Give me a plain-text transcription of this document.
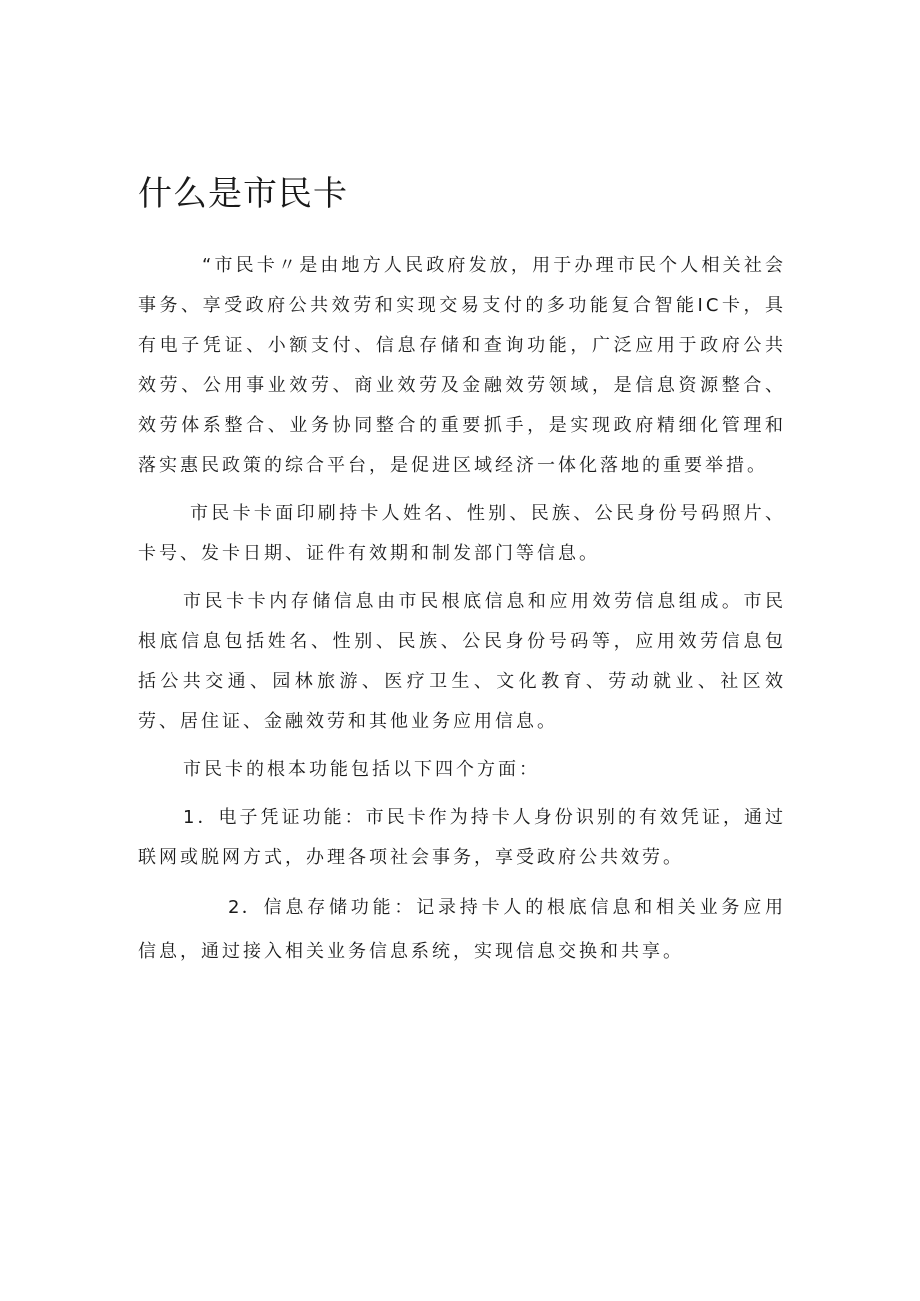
什么是市民卡

“市民卡〃是由地方人民政府发放，用于办理市民个人相关社会事务、享受政府公共效劳和实现交易支付的多功能复合智能IC卡，具有电子凭证、小额支付、信息存储和查询功能，广泛应用于政府公共效劳、公用事业效劳、商业效劳及金融效劳领域，是信息资源整合、效劳体系整合、业务协同整合的重要抓手，是实现政府精细化管理和落实惠民政策的综合平台，是促进区域经济一体化落地的重要举措。

市民卡卡面印刷持卡人姓名、性别、民族、公民身份号码照片、卡号、发卡日期、证件有效期和制发部门等信息。

市民卡卡内存储信息由市民根底信息和应用效劳信息组成。市民根底信息包括姓名、性别、民族、公民身份号码等，应用效劳信息包括公共交通、园林旅游、医疗卫生、文化教育、劳动就业、社区效劳、居住证、金融效劳和其他业务应用信息。

市民卡的根本功能包括以下四个方面：

1．电子凭证功能：市民卡作为持卡人身份识别的有效凭证，通过联网或脱网方式，办理各项社会事务，享受政府公共效劳。

2．信息存储功能：记录持卡人的根底信息和相关业务应用信息，通过接入相关业务信息系统，实现信息交换和共享。
